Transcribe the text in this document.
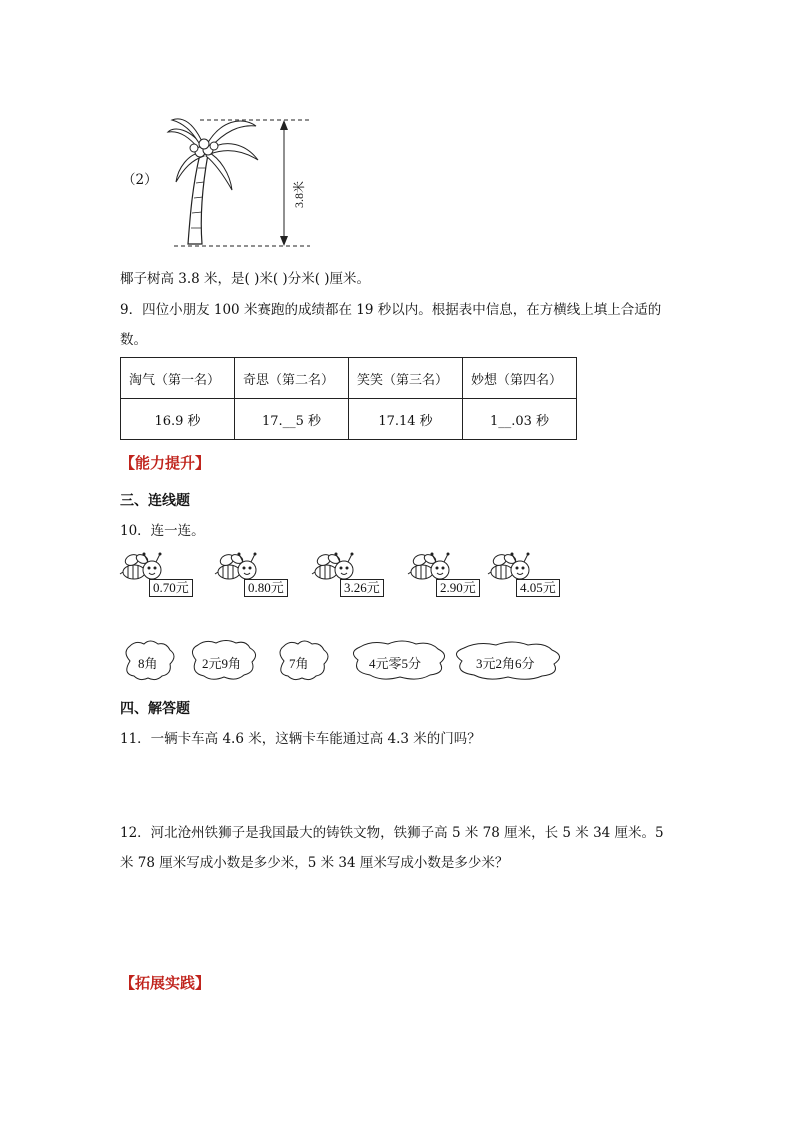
（2）
3.8米
椰子树高 3.8 米，是( )米( )分米( )厘米。
9．四位小朋友 100 米赛跑的成绩都在 19 秒以内。根据表中信息，在方横线上填上合适的
数。
淘气（第一名）	奇思（第二名）	笑笑（第三名）	妙想（第四名）
16.9 秒	17.__5 秒	17.14 秒	1__.03 秒
【能力提升】
三、连线题
10．连一连。
0.70元	0.80元	3.26元	2.90元	4.05元
8角	2元9角	7角	4元零5分	3元2角6分
四、解答题
11．一辆卡车高 4.6 米，这辆卡车能通过高 4.3 米的门吗？
12．河北沧州铁狮子是我国最大的铸铁文物，铁狮子高 5 米 78 厘米，长 5 米 34 厘米。5
米 78 厘米写成小数是多少米，5 米 34 厘米写成小数是多少米？
【拓展实践】
